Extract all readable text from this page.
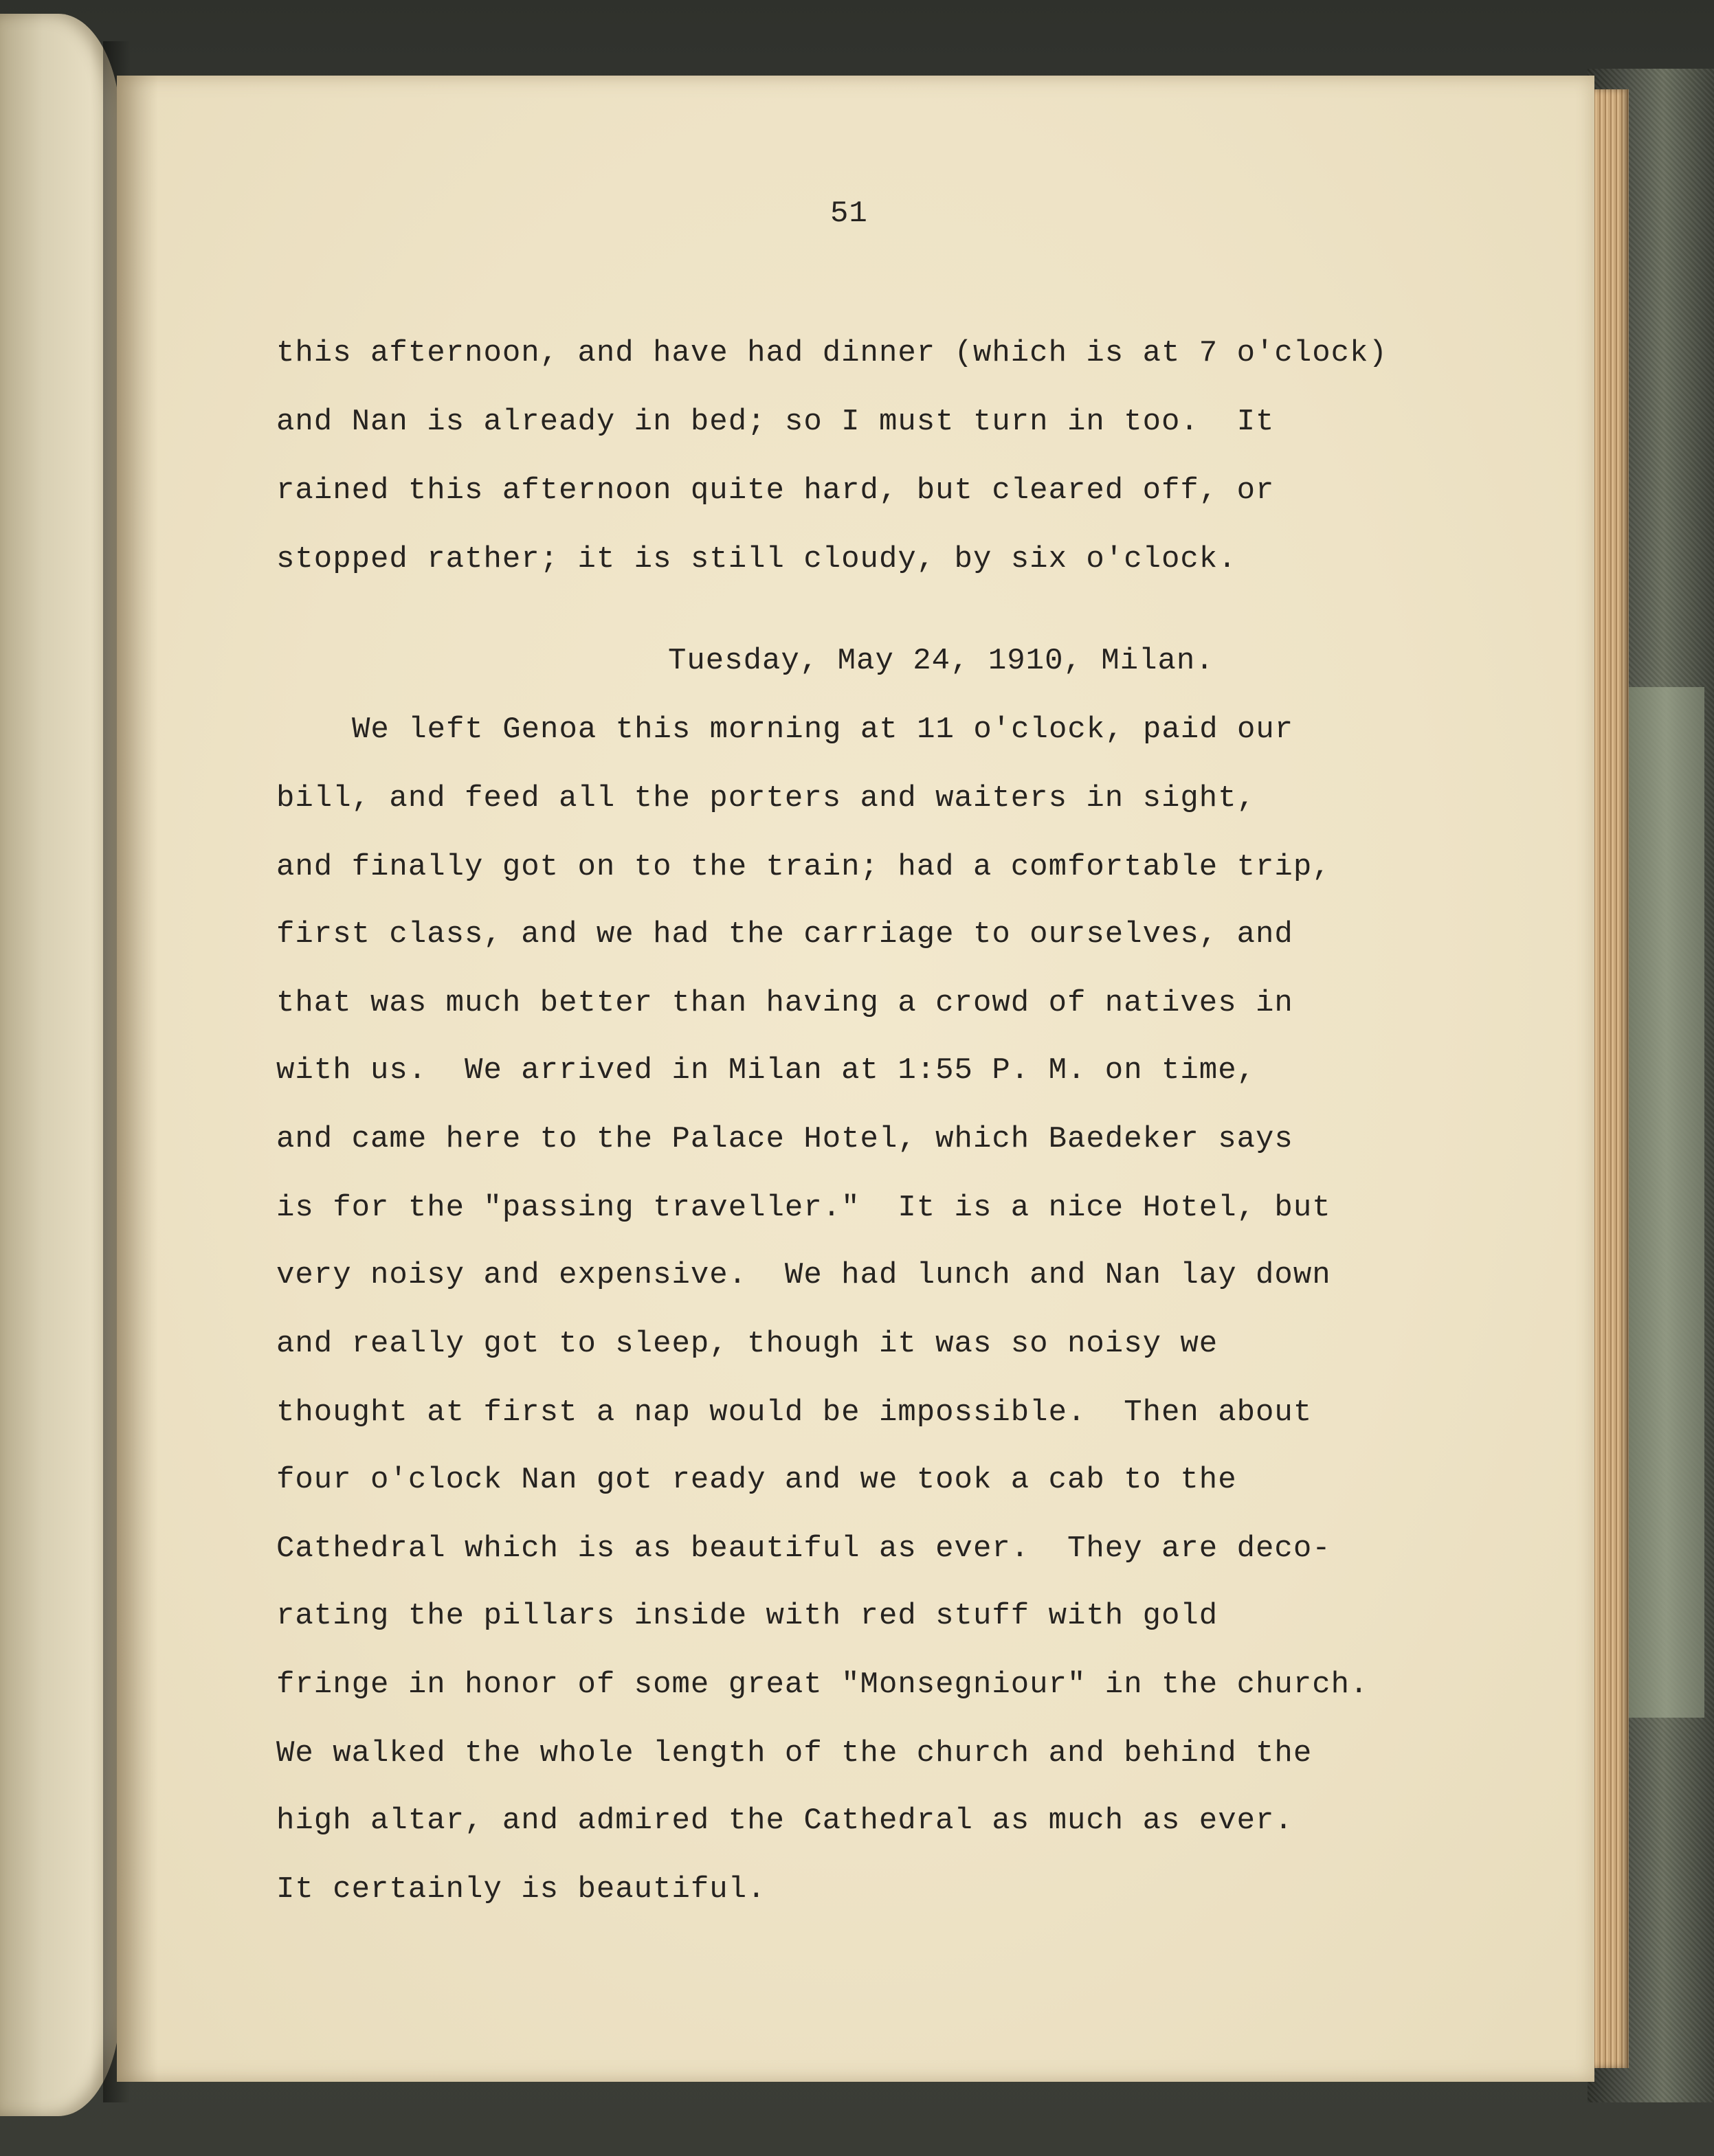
51

this afternoon, and have had dinner (which is at 7 o'clock)

and Nan is already in bed; so I must turn in too.  It

rained this afternoon quite hard, but cleared off, or

stopped rather; it is still cloudy, by six o'clock.

Tuesday, May 24, 1910, Milan.

We left Genoa this morning at 11 o'clock, paid our

bill, and feed all the porters and waiters in sight,

and finally got on to the train; had a comfortable trip,

first class, and we had the carriage to ourselves, and

that was much better than having a crowd of natives in

with us.  We arrived in Milan at 1:55 P. M. on time,

and came here to the Palace Hotel, which Baedeker says

is for the "passing traveller."  It is a nice Hotel, but

very noisy and expensive.  We had lunch and Nan lay down

and really got to sleep, though it was so noisy we

thought at first a nap would be impossible.  Then about

four o'clock Nan got ready and we took a cab to the

Cathedral which is as beautiful as ever.  They are deco-

rating the pillars inside with red stuff with gold

fringe in honor of some great "Monsegniour" in the church.

We walked the whole length of the church and behind the

high altar, and admired the Cathedral as much as ever.

It certainly is beautiful.
